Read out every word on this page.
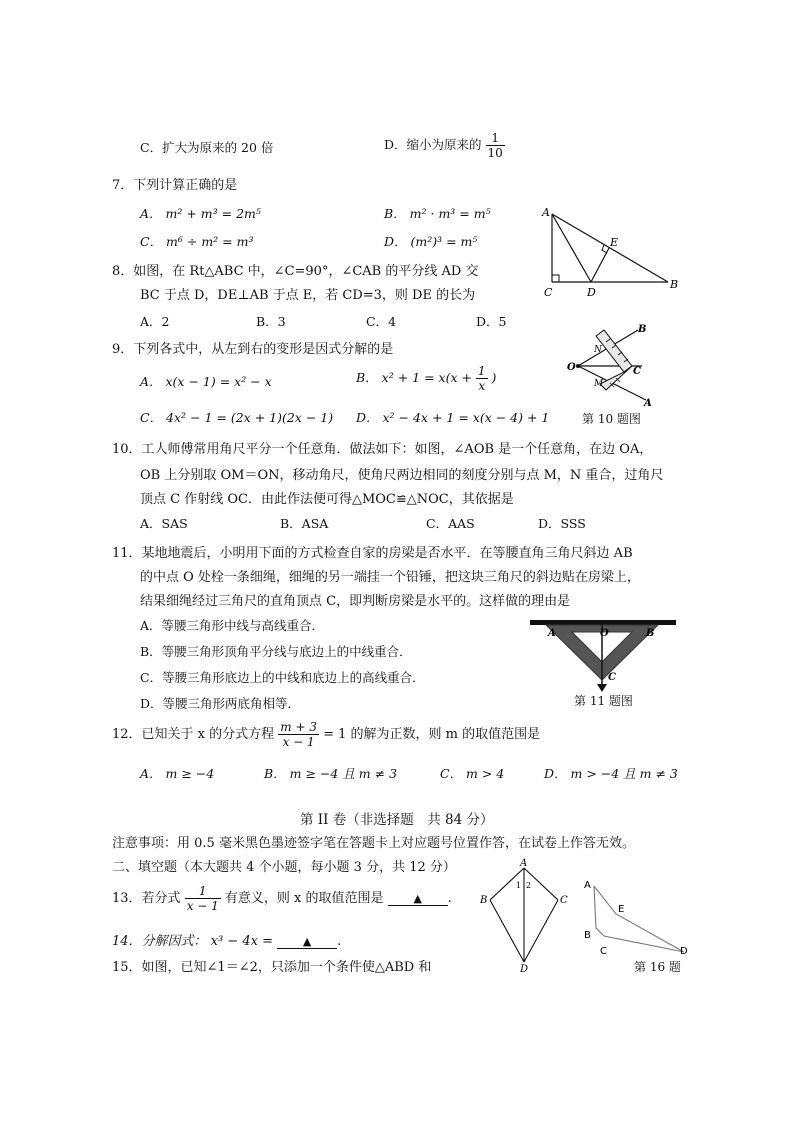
C．扩大为原来的 20 倍	D．缩小为原来的 $\frac{1}{10}$
7．下列计算正确的是
A． m² + m³ = 2m⁵	B． m² · m³ = m⁵
C． m⁶ ÷ m² = m³	D． (m²)³ = m⁵
A
C	D
B
E
8．如图，在 Rt△ABC 中，∠C=90°，∠CAB 的平分线 AD 交
BC 于点 D，DE⊥AB 于点 E，若 CD=3，则 DE 的长为
A．2	B．3	C．4	D．5
9．下列各式中，从左到右的变形是因式分解的是
A． x(x − 1) = x² − x	B． $x^2 + 1 = x(x + \frac{1}{x}$ )
C． 4x² − 1 = (2x + 1)(2x − 1) D． x² − 4x + 1 = x(x − 4) + 1
O
N
M
B
A
C
第 10 题图
10．工人师傅常用角尺平分一个任意角．做法如下：如图，∠AOB 是一个任意角，在边 OA，
OB 上分别取 OM＝ON，移动角尺，使角尺两边相同的刻度分别与点 M，N 重合，过角尺
顶点 C 作射线 OC．由此作法便可得△MOC≌△NOC，其依据是
A．SAS	B．ASA	C．AAS	D．SSS
11．某地地震后，小明用下面的方式检查自家的房梁是否水平．在等腰直角三角尺斜边 AB
的中点 O 处栓一条细绳，细绳的另一端挂一个铅锤，把这块三角尺的斜边贴在房梁上，
结果细绳经过三角尺的直角顶点 C，即判断房梁是水平的。这样做的理由是
A．等腰三角形中线与高线重合．
B．等腰三角形顶角平分线与底边上的中线重合．
C．等腰三角形底边上的中线和底边上的高线重合．
D．等腰三角形两底角相等．
A	O	B
C
第 11 题图
12．已知关于 x 的分式方程 $\frac{m + 3}{x - 1} = 1$ 的解为正数，则 m 的取值范围是
A． m ≥ −4	B． m ≥ −4 且 m ≠ 3	C． m > 4	D． m > −4 且 m ≠ 3
第 II 卷（非选择题　共 84 分）
注意事项：用 0.5 毫米黑色墨迹签字笔在答题卡上对应题号位置作答，在试卷上作答无效。
二、填空题（本大题共 4 个小题，每小题 3 分，共 12 分）
13．若分式 $\frac{1}{x - 1}$ 有意义，则 x 的取值范围是	▲ .
14．分解因式： x³ − 4x =	▲ .
15．如图，已知∠1＝∠2，只添加一个条件使△ABD 和
A
B	C
D
1 2	A
B
C	D
E
第 16 题
